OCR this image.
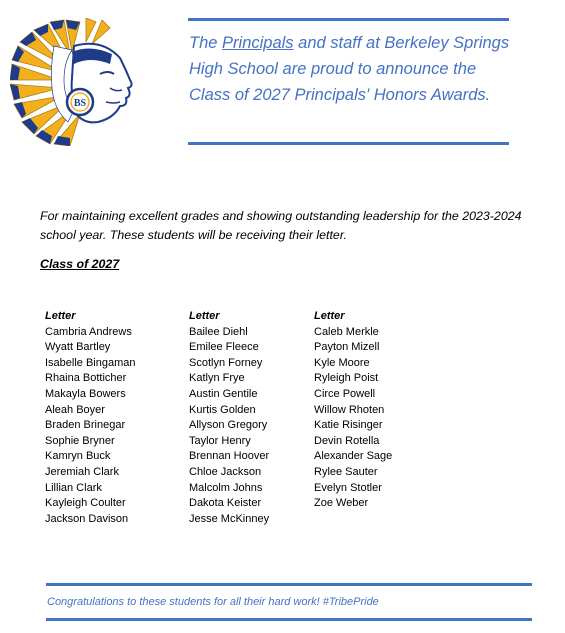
BS
The Principals and staff at Berkeley Springs High School are proud to announce the Class of 2027 Principals' Honors Awards.
For maintaining excellent grades and showing outstanding leadership for the 2023-2024 school year. These students will be receiving their letter.
Class of 2027
Letter
Cambria Andrews
Wyatt Bartley
Isabelle Bingaman
Rhaina Botticher
Makayla Bowers
Aleah Boyer
Braden Brinegar
Sophie Bryner
Kamryn Buck
Jeremiah Clark
Lillian Clark
Kayleigh Coulter
Jackson Davison
Letter
Bailee Diehl
Emilee Fleece
Scotlyn Forney
Katlyn Frye
Austin Gentile
Kurtis Golden
Allyson Gregory
Taylor Henry
Brennan Hoover
Chloe Jackson
Malcolm Johns
Dakota Keister
Jesse McKinney
Letter
Caleb Merkle
Payton Mizell
Kyle Moore
Ryleigh Poist
Circe Powell
Willow Rhoten
Katie Risinger
Devin Rotella
Alexander Sage
Rylee Sauter
Evelyn Stotler
Zoe Weber
Congratulations to these students for all their hard work! #TribePride
